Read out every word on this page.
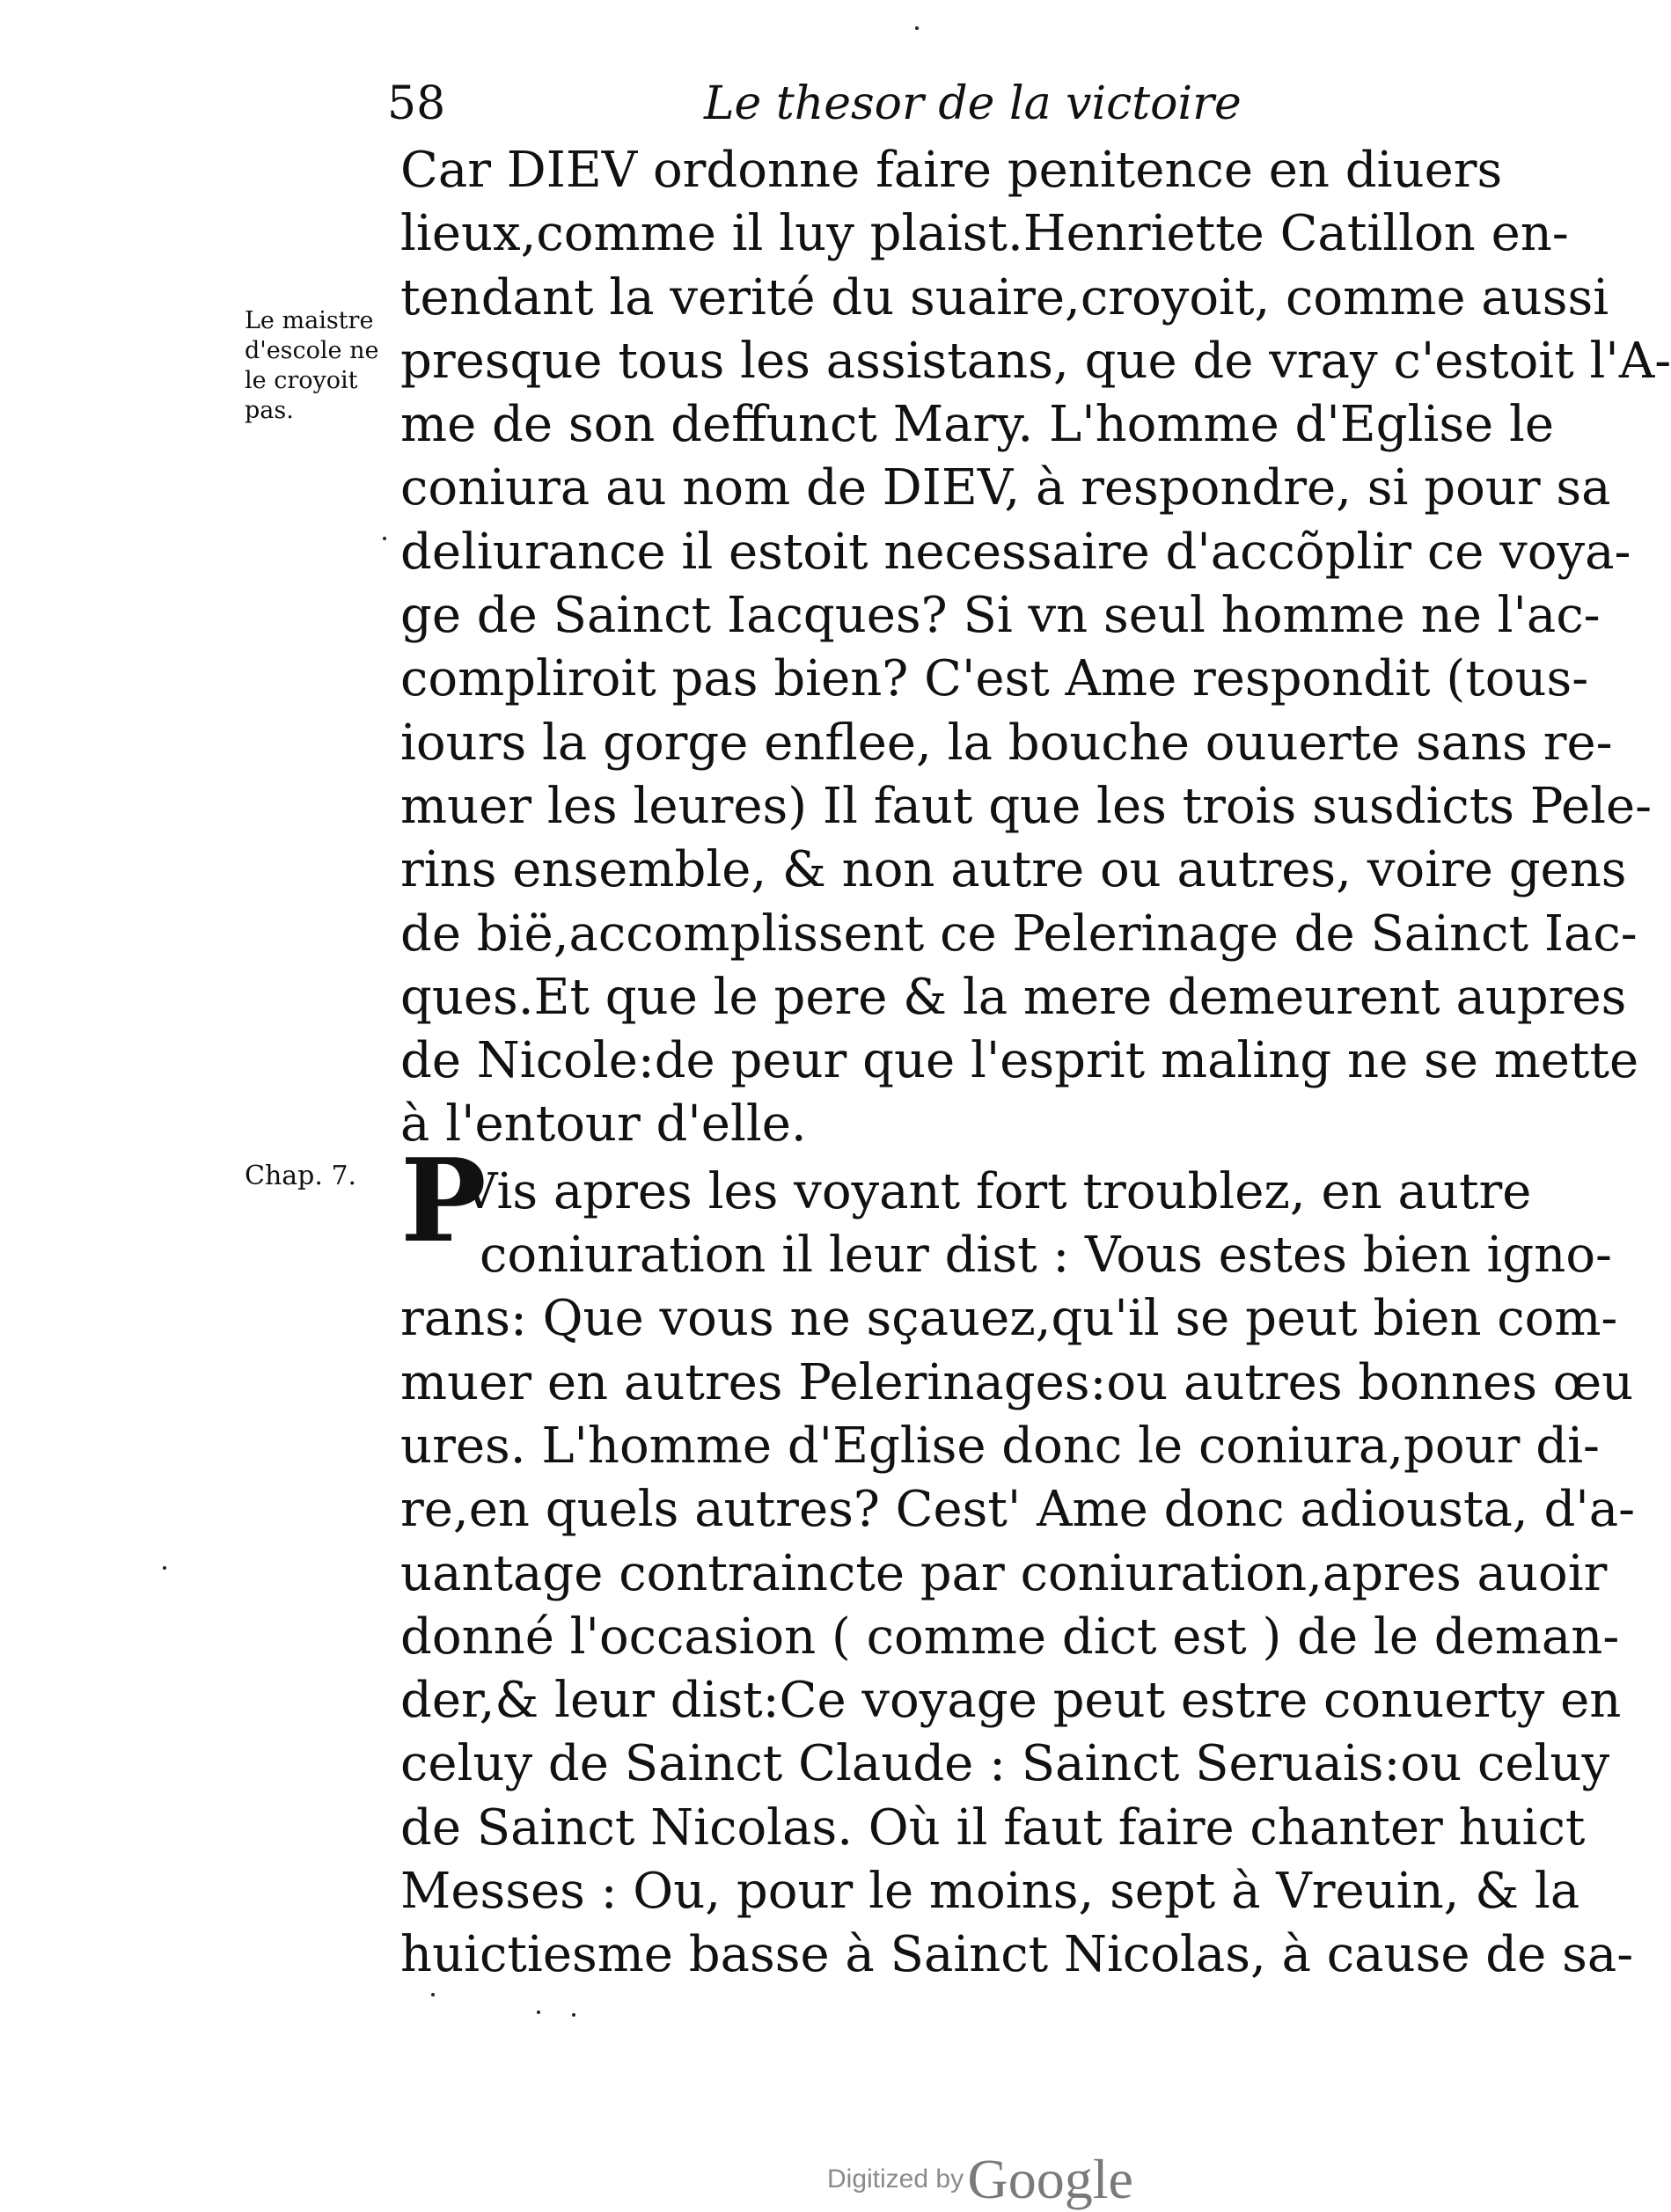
58	Le thesor de la victoire
Le maistre d'escole ne le croyoit pas.
Chap. 7. P
Car DIEV ordonne faire penitence en diuers
lieux,comme il luy plaist.Henriette Catillon en-
tendant la verité du suaire,croyoit, comme aussi
presque tous les assistans, que de vray c'estoit l'A-
me de son deffunct Mary. L'homme d'Eglise le
coniura au nom de DIEV, à respondre, si pour sa
deliurance il estoit necessaire d'accõplir ce voya-
ge de Sainct Iacques? Si vn seul homme ne l'ac-
compliroit pas bien? C'est Ame respondit (tous-
iours la gorge enflee, la bouche ouuerte sans re-
muer les leures) Il faut que les trois susdicts Pele-
rins ensemble, & non autre ou autres, voire gens
de bië,accomplissent ce Pelerinage de Sainct Iac-
ques.Et que le pere & la mere demeurent aupres
de Nicole:de peur que l'esprit maling ne se mette
à l'entour d'elle.
Vis apres les voyant fort troublez, en autre
coniuration il leur dist : Vous estes bien igno-
rans: Que vous ne sçauez,qu'il se peut bien com-
muer en autres Pelerinages:ou autres bonnes œu
ures. L'homme d'Eglise donc le coniura,pour di-
re,en quels autres? Cest' Ame donc adiousta, d'a-
uantage contraincte par coniuration,apres auoir
donné l'occasion ( comme dict est ) de le deman-
der,& leur dist:Ce voyage peut estre conuerty en
celuy de Sainct Claude : Sainct Seruais:ou celuy
de Sainct Nicolas. Où il faut faire chanter huict
Messes : Ou, pour le moins, sept à Vreuin, & la
huictiesme basse à Sainct Nicolas, à cause de sa-
Digitized by Google
